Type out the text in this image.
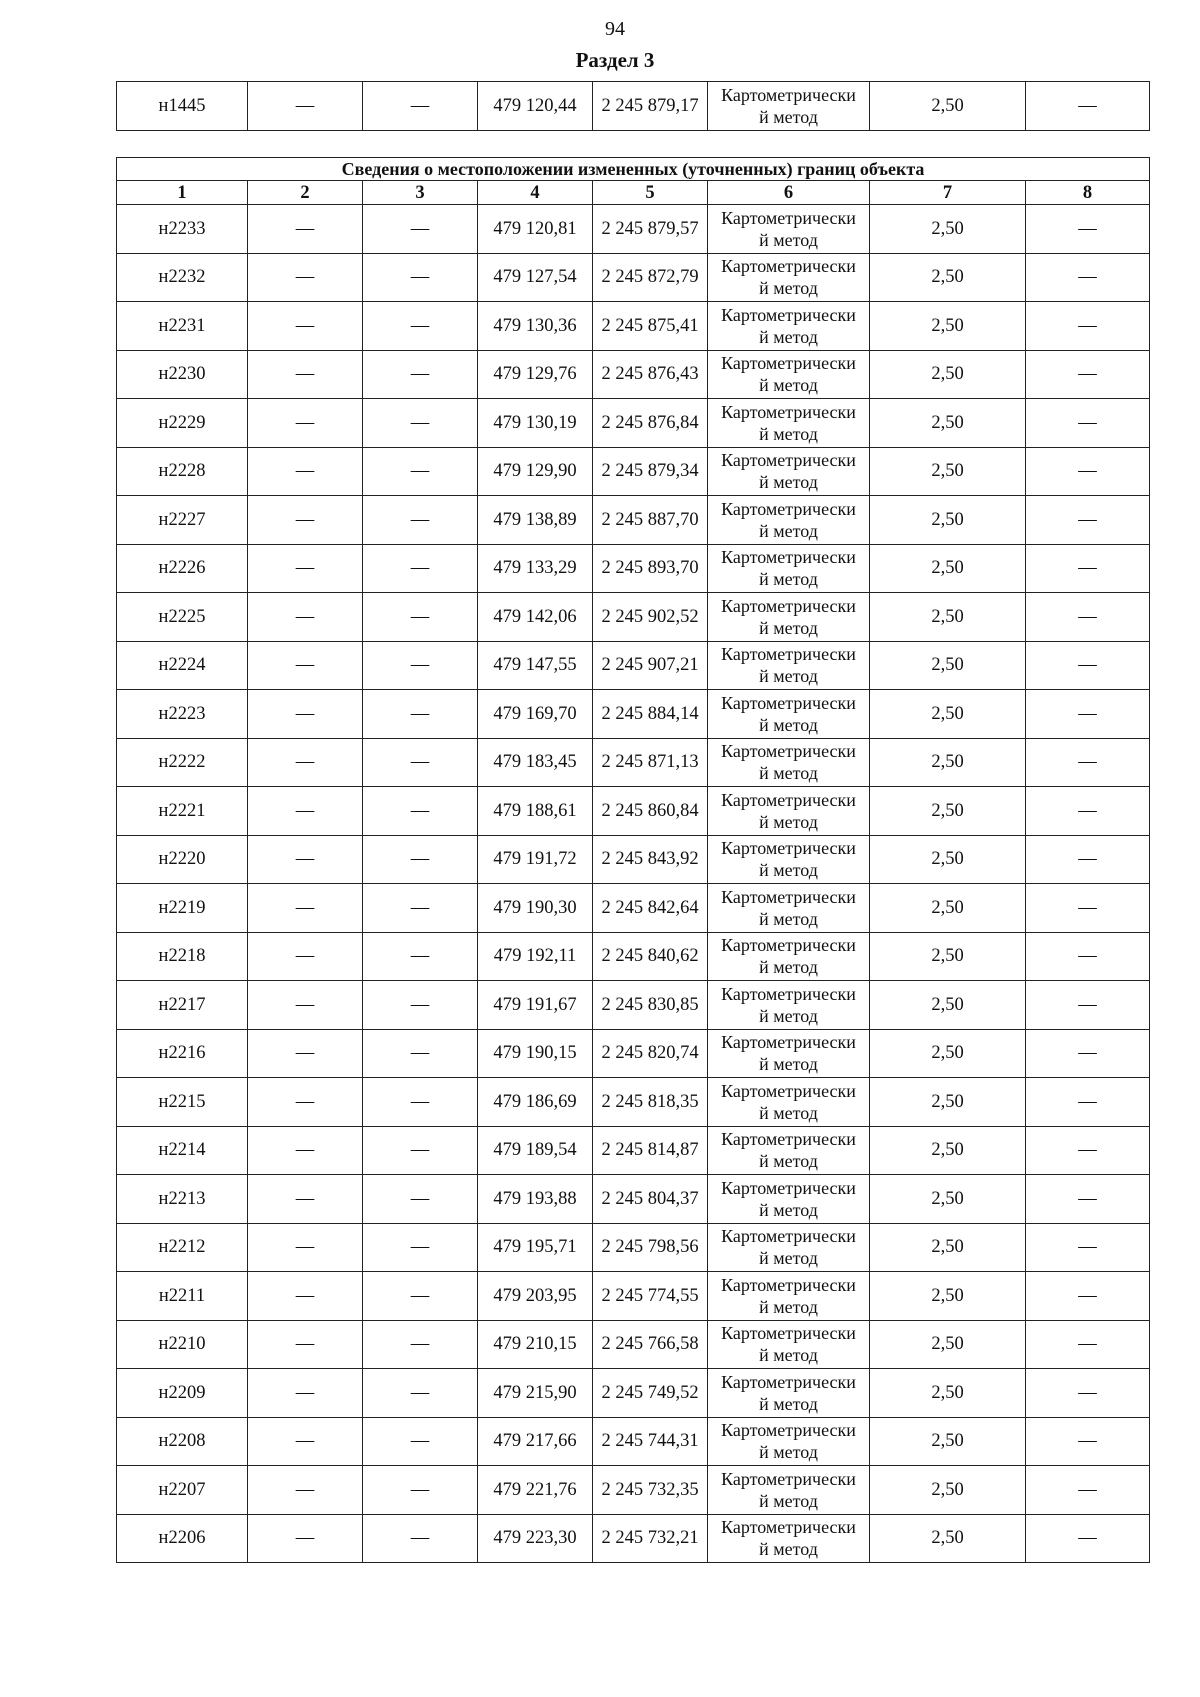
94
Раздел 3
н1445	—	—	479 120,44	2 245 879,17	
Картометрически
й метод
	2,50	—
Сведения о местоположении измененных (уточненных) границ объекта							
1	2	3	4	5	6	7	8
н2233	—	—	479 120,81	2 245 879,57	Картометрически
й метод	2,50	—
н2232	—	—	479 127,54	2 245 872,79	Картометрически
й метод	2,50	—
н2231	—	—	479 130,36	2 245 875,41	Картометрически
й метод	2,50	—
н2230	—	—	479 129,76	2 245 876,43	Картометрически
й метод	2,50	—
н2229	—	—	479 130,19	2 245 876,84	Картометрически
й метод	2,50	—
н2228	—	—	479 129,90	2 245 879,34	Картометрически
й метод	2,50	—
н2227	—	—	479 138,89	2 245 887,70	Картометрически
й метод	2,50	—
н2226	—	—	479 133,29	2 245 893,70	Картометрически
й метод	2,50	—
н2225	—	—	479 142,06	2 245 902,52	Картометрически
й метод	2,50	—
н2224	—	—	479 147,55	2 245 907,21	Картометрически
й метод	2,50	—
н2223	—	—	479 169,70	2 245 884,14	Картометрически
й метод	2,50	—
н2222	—	—	479 183,45	2 245 871,13	Картометрически
й метод	2,50	—
н2221	—	—	479 188,61	2 245 860,84	Картометрически
й метод	2,50	—
н2220	—	—	479 191,72	2 245 843,92	Картометрически
й метод	2,50	—
н2219	—	—	479 190,30	2 245 842,64	Картометрически
й метод	2,50	—
н2218	—	—	479 192,11	2 245 840,62	Картометрически
й метод	2,50	—
н2217	—	—	479 191,67	2 245 830,85	Картометрически
й метод	2,50	—
н2216	—	—	479 190,15	2 245 820,74	Картометрически
й метод	2,50	—
н2215	—	—	479 186,69	2 245 818,35	Картометрически
й метод	2,50	—
н2214	—	—	479 189,54	2 245 814,87	Картометрически
й метод	2,50	—
н2213	—	—	479 193,88	2 245 804,37	Картометрически
й метод	2,50	—
н2212	—	—	479 195,71	2 245 798,56	Картометрически
й метод	2,50	—
н2211	—	—	479 203,95	2 245 774,55	Картометрически
й метод	2,50	—
н2210	—	—	479 210,15	2 245 766,58	Картометрически
й метод	2,50	—
н2209	—	—	479 215,90	2 245 749,52	Картометрически
й метод	2,50	—
н2208	—	—	479 217,66	2 245 744,31	Картометрически
й метод	2,50	—
н2207	—	—	479 221,76	2 245 732,35	Картометрически
й метод	2,50	—
н2206	—	—	479 223,30	2 245 732,21	Картометрически
й метод	2,50	—
